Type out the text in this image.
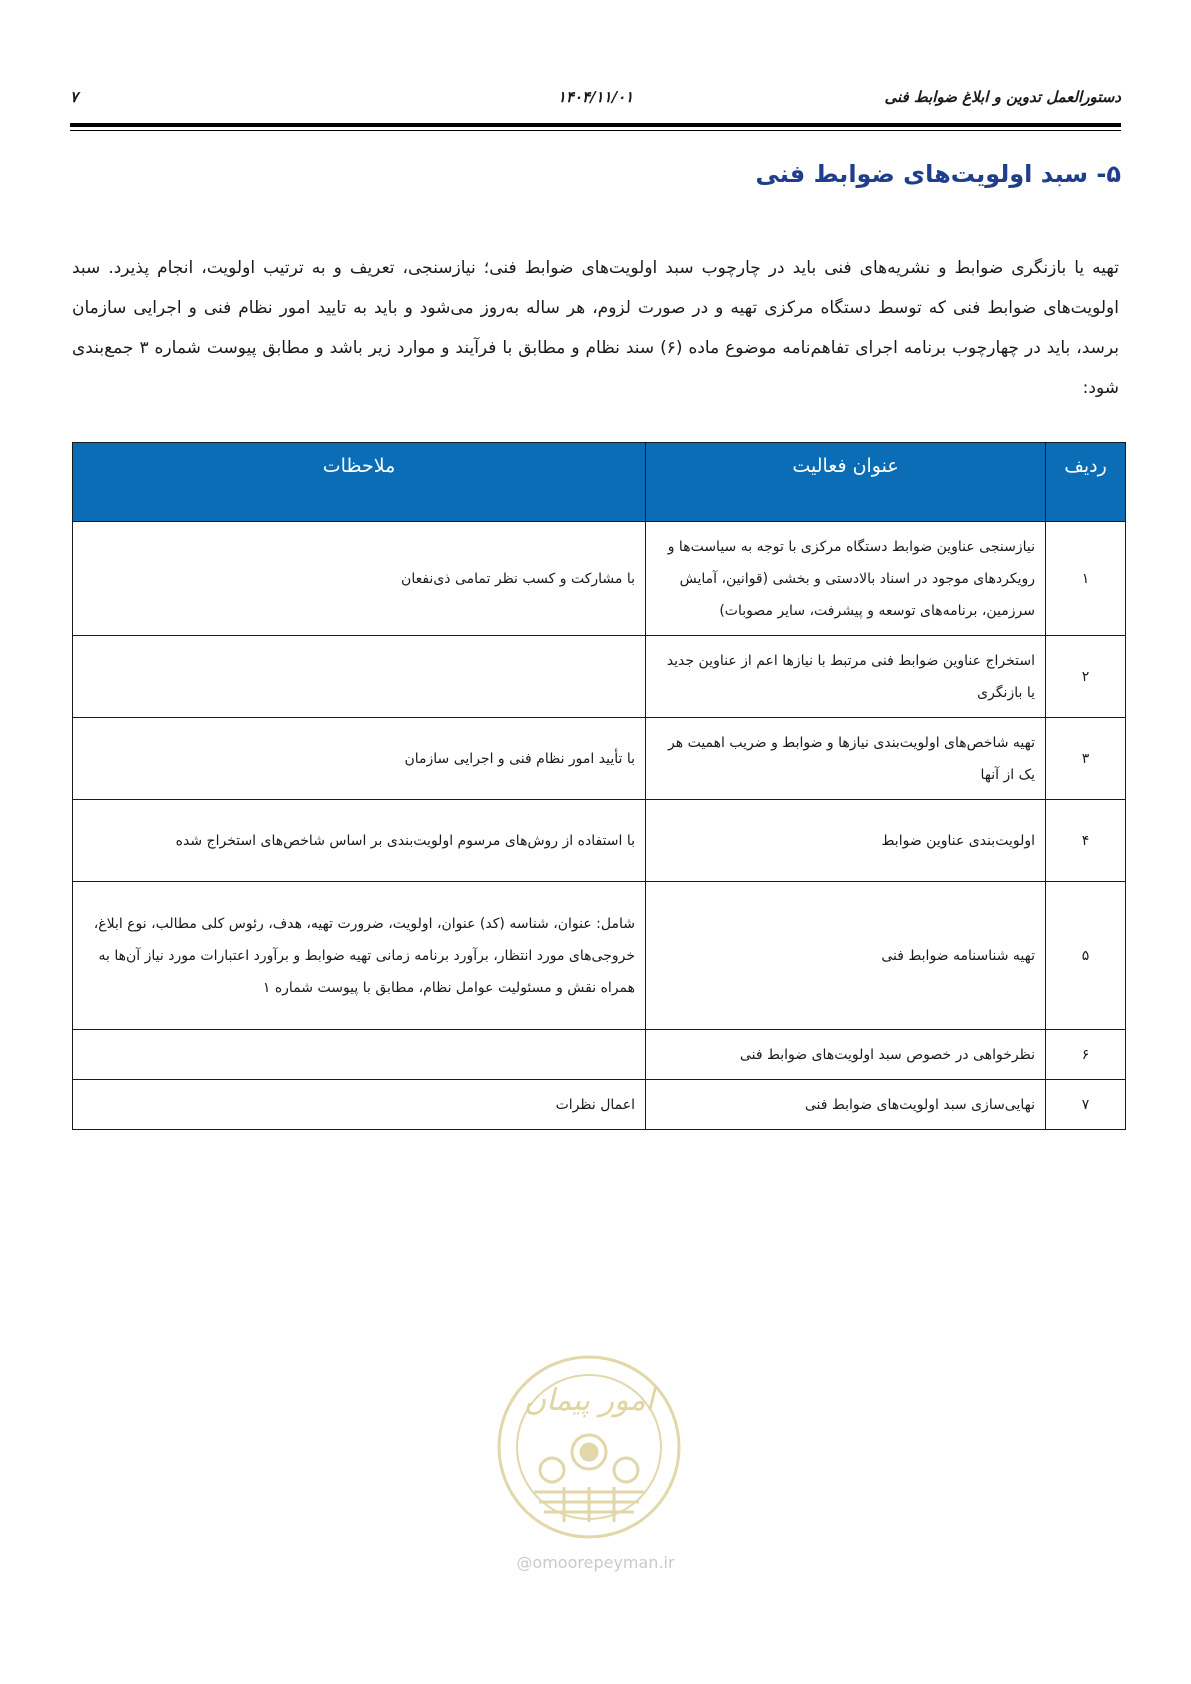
دستورالعمل تدوین و ابلاغ ضوابط فنی
۱۴۰۴/۱۱/۰۱
۷
۵- سبد اولویت‌های ضوابط فنی
تهیه یا بازنگری ضوابط و نشریه‌های فنی باید در چارچوب سبد اولویت‌های ضوابط فنی؛ نیازسنجی، تعریف و به ترتیب اولویت، انجام پذیرد. سبد اولویت‌های ضوابط فنی که توسط دستگاه مرکزی تهیه و در صورت لزوم، هر ساله به‌روز می‌شود و باید به تایید امور نظام فنی و اجرایی سازمان برسد، باید در چهارچوب برنامه اجرای تفاهم‌نامه موضوع ماده (۶) سند نظام و مطابق با فرآیند و موارد زیر باشد و مطابق پیوست شماره ۳ جمع‌بندی شود:
ردیف	عنوان فعالیت	ملاحظات
۱	نیازسنجی عناوین ضوابط دستگاه مرکزی با توجه به سیاست‌ها و رویکردهای موجود در اسناد بالادستی و بخشی (قوانین، آمایش سرزمین، برنامه‌های توسعه و پیشرفت، سایر مصوبات)	با مشارکت و کسب نظر تمامی ذی‌نفعان
۲	استخراج عناوین ضوابط فنی مرتبط با نیازها اعم از عناوین جدید یا بازنگری	
۳	تهیه شاخص‌های اولویت‌بندی نیازها و ضوابط و ضریب اهمیت هر یک از آنها	با تأیید امور نظام فنی و اجرایی سازمان
۴	اولویت‌بندی عناوین ضوابط	با استفاده از روش‌های مرسوم اولویت‌بندی بر اساس شاخص‌های استخراج شده
۵	تهیه شناسنامه ضوابط فنی	شامل: عنوان، شناسه (کد) عنوان، اولویت، ضرورت تهیه، هدف، رئوس کلی مطالب، نوع ابلاغ، خروجی‌های مورد انتظار، برآورد برنامه زمانی تهیه ضوابط و برآورد اعتبارات مورد نیاز آن‌ها به همراه نقش و مسئولیت عوامل نظام، مطابق با پیوست شماره ۱
۶	نظرخواهی در خصوص سبد اولویت‌های ضوابط فنی	
۷	نهایی‌سازی سبد اولویت‌های ضوابط فنی	اعمال نظرات
امور پیمان
@omoorepeyman.ir
